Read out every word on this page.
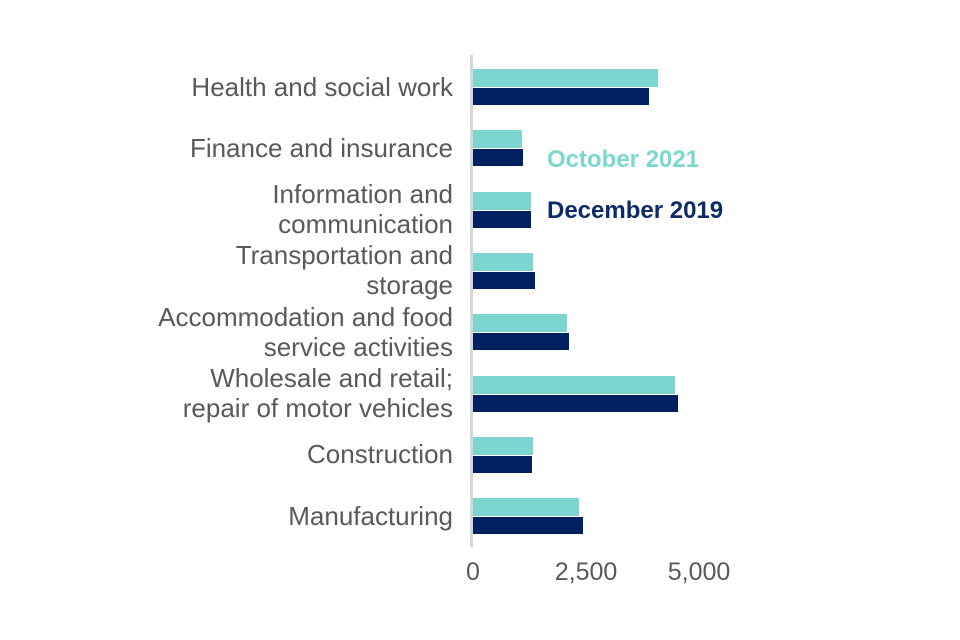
Health and social work
Finance and insurance
Information and
communication
Transportation and
storage
Accommodation and food
service activities
Wholesale and retail;
repair of motor vehicles
Construction
Manufacturing
October 2021
December 2019
0	2,500 5,000
